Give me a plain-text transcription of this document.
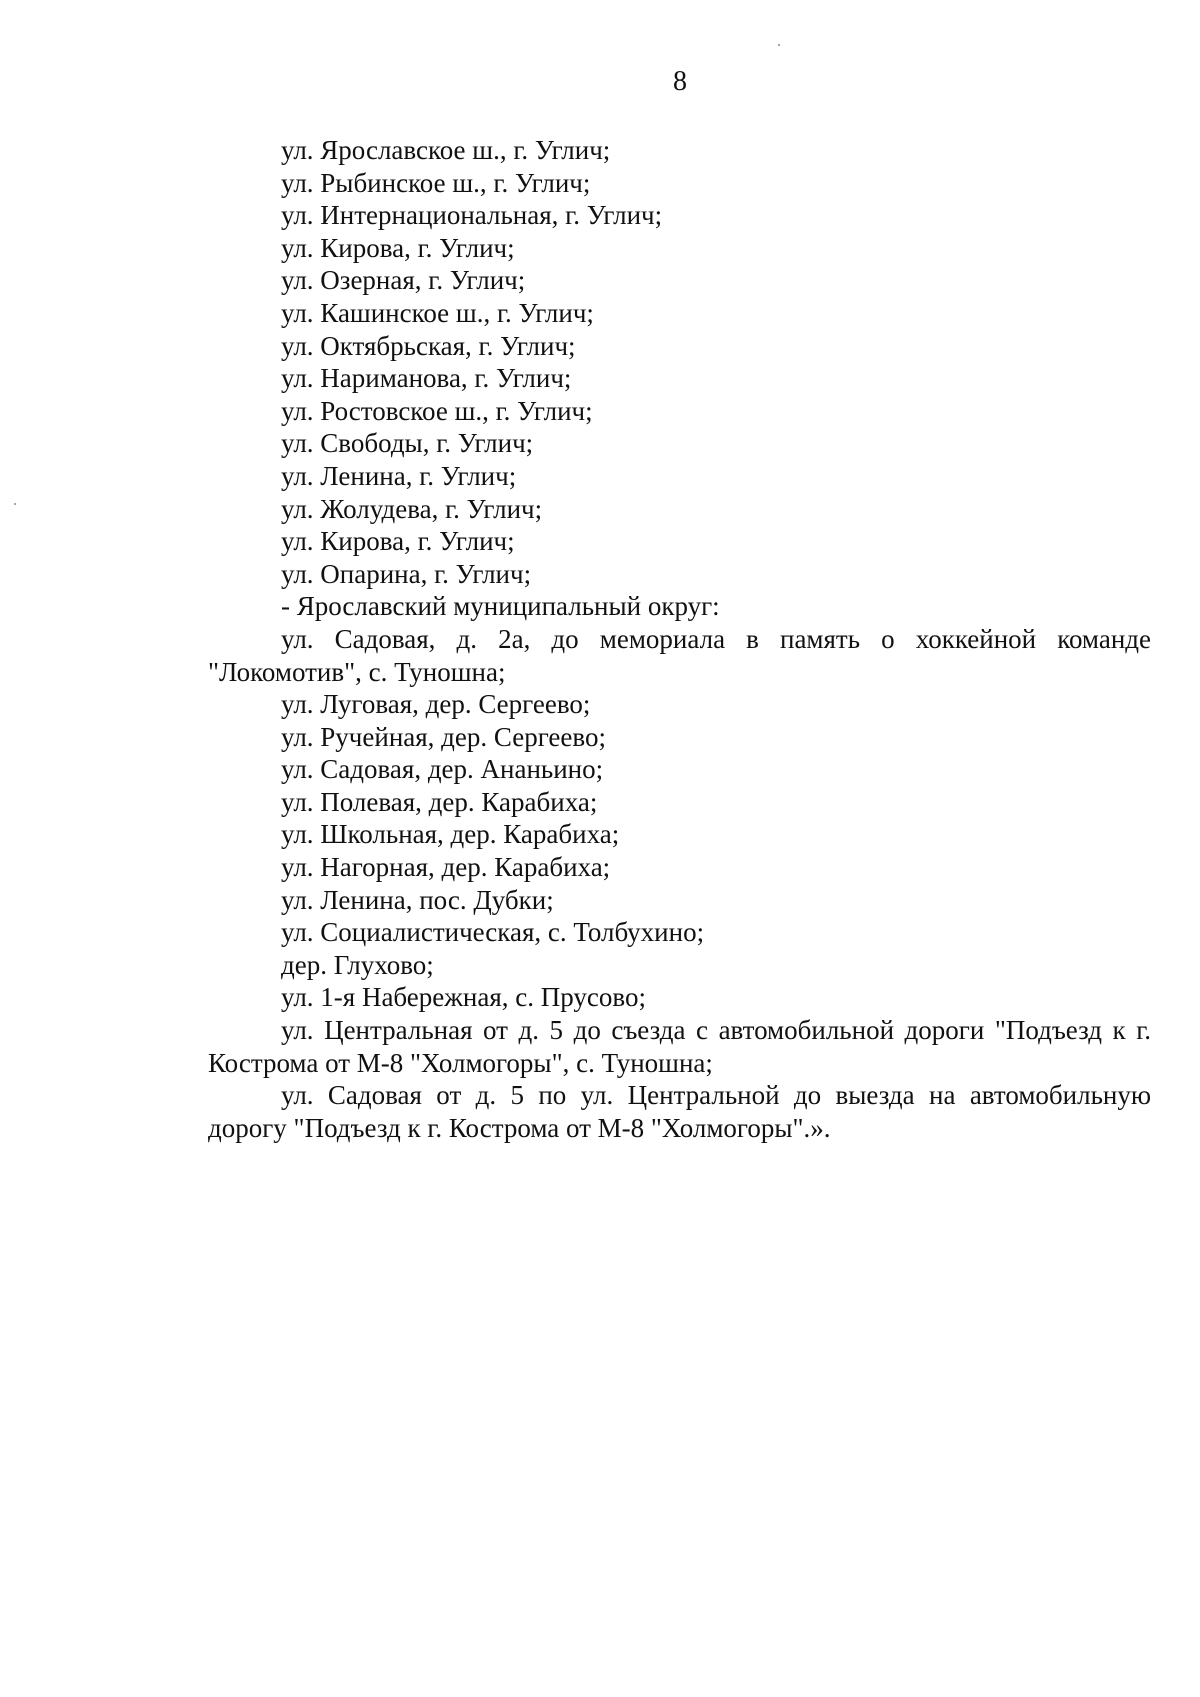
8
ул. Ярославское ш., г. Углич;
ул. Рыбинское ш., г. Углич;
ул. Интернациональная, г. Углич;
ул. Кирова, г. Углич;
ул. Озерная, г. Углич;
ул. Кашинское ш., г. Углич;
ул. Октябрьская, г. Углич;
ул. Нариманова, г. Углич;
ул. Ростовское ш., г. Углич;
ул. Свободы, г. Углич;
ул. Ленина, г. Углич;
ул. Жолудева, г. Углич;
ул. Кирова, г. Углич;
ул. Опарина, г. Углич;
- Ярославский муниципальный округ:
ул. Садовая, д. 2а, до мемориала в память о хоккейной команде "Локомотив", с. Туношна;
ул. Луговая, дер. Сергеево;
ул. Ручейная, дер. Сергеево;
ул. Садовая, дер. Ананьино;
ул. Полевая, дер. Карабиха;
ул. Школьная, дер. Карабиха;
ул. Нагорная, дер. Карабиха;
ул. Ленина, пос. Дубки;
ул. Социалистическая, с. Толбухино;
дер. Глухово;
ул. 1-я Набережная, с. Прусово;
ул. Центральная от д. 5 до съезда с автомобильной дороги "Подъезд к г. Кострома от М-8 "Холмогоры", с. Туношна;
ул. Садовая от д. 5 по ул. Центральной до выезда на автомобильную дорогу "Подъезд к г. Кострома от М-8 "Холмогоры".».
